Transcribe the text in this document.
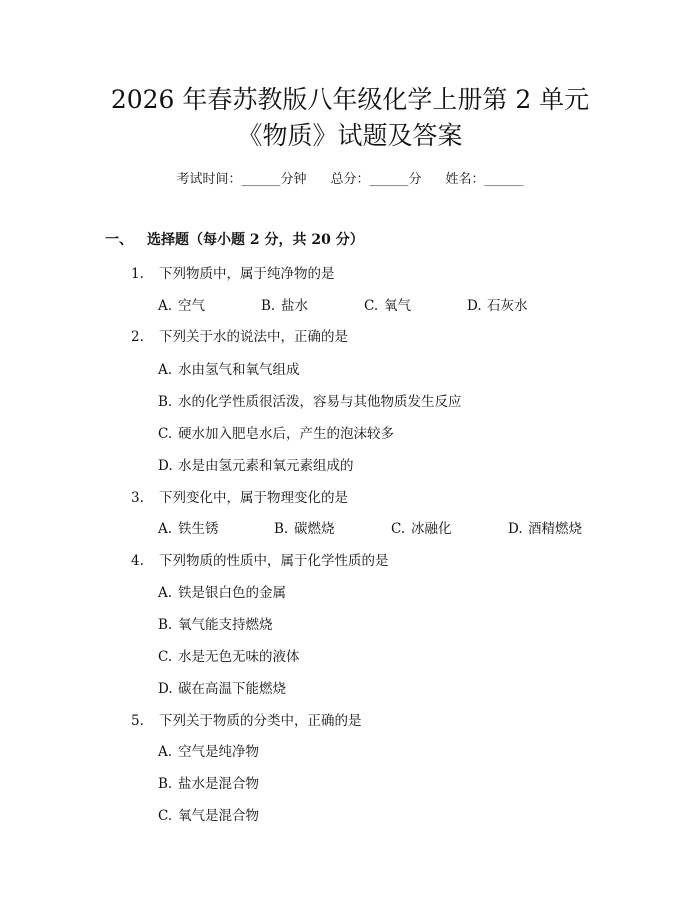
2026 年春苏教版八年级化学上册第 2 单元
《物质》试题及答案
考试时间：______分钟 总分：______分 姓名：______
一、 选择题（每小题 2 分，共 20 分）
1. 下列物质中，属于纯净物的是
A. 空气	B. 盐水	C. 氧气	D. 石灰水
2. 下列关于水的说法中，正确的是
A. 水由氢气和氧气组成
B. 水的化学性质很活泼，容易与其他物质发生反应
C. 硬水加入肥皂水后，产生的泡沫较多
D. 水是由氢元素和氧元素组成的
3. 下列变化中，属于物理变化的是
A. 铁生锈	B. 碳燃烧	C. 冰融化	D. 酒精燃烧
4. 下列物质的性质中，属于化学性质的是
A. 铁是银白色的金属
B. 氧气能支持燃烧
C. 水是无色无味的液体
D. 碳在高温下能燃烧
5. 下列关于物质的分类中，正确的是
A. 空气是纯净物
B. 盐水是混合物
C. 氧气是混合物
